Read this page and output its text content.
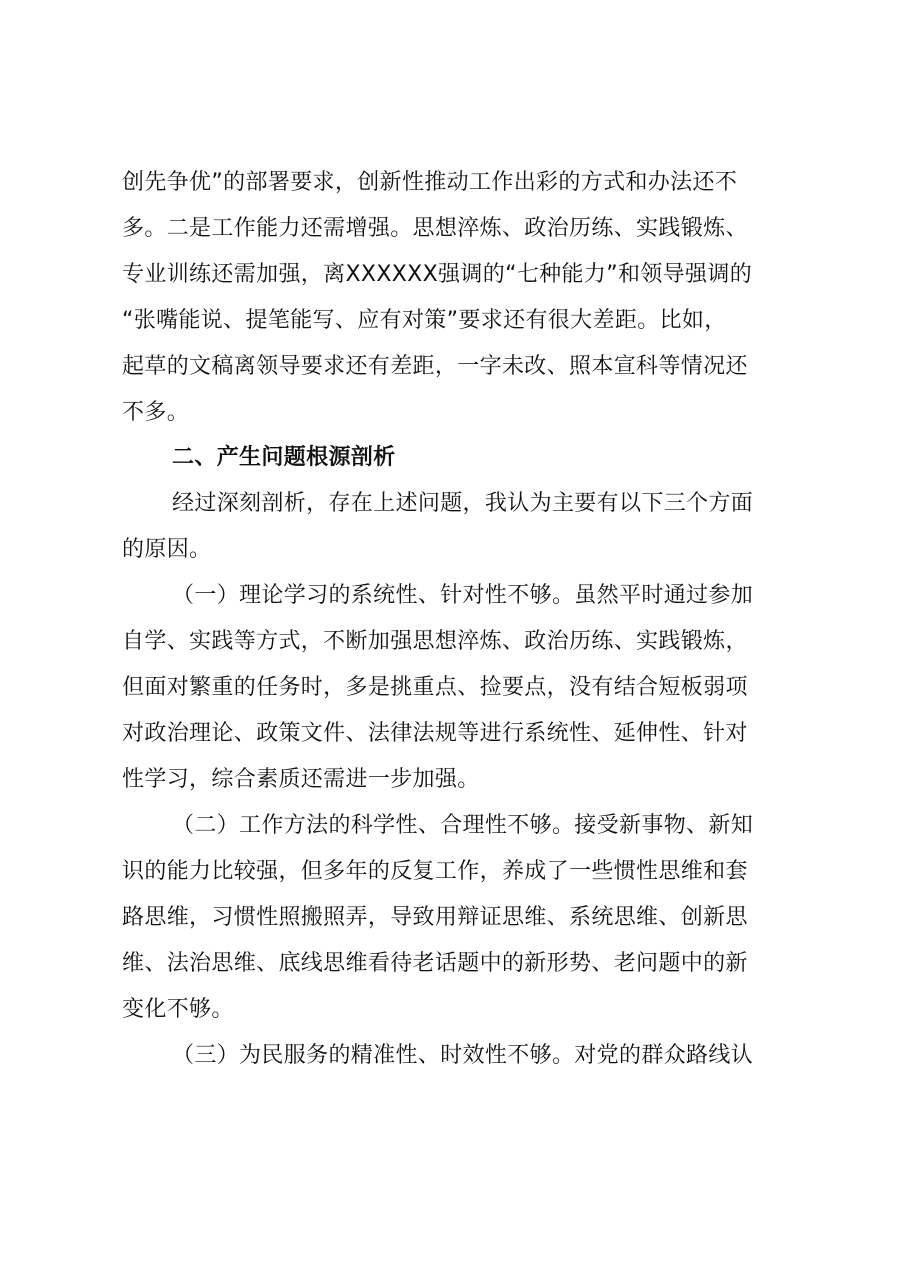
创先争优”的部署要求，创新性推动工作出彩的方式和办法还不
多。二是工作能力还需增强。思想淬炼、政治历练、实践锻炼、
专业训练还需加强，离XXXXXX强调的“七种能力”和领导强调的
“张嘴能说、提笔能写、应有对策”要求还有很大差距。比如，
起草的文稿离领导要求还有差距，一字未改、照本宣科等情况还
不多。
二、产生问题根源剖析
经过深刻剖析，存在上述问题，我认为主要有以下三个方面
的原因。
（一）理论学习的系统性、针对性不够。虽然平时通过参加
自学、实践等方式，不断加强思想淬炼、政治历练、实践锻炼，
但面对繁重的任务时，多是挑重点、捡要点，没有结合短板弱项
对政治理论、政策文件、法律法规等进行系统性、延伸性、针对
性学习，综合素质还需进一步加强。
（二）工作方法的科学性、合理性不够。接受新事物、新知
识的能力比较强，但多年的反复工作，养成了一些惯性思维和套
路思维，习惯性照搬照弄，导致用辩证思维、系统思维、创新思
维、法治思维、底线思维看待老话题中的新形势、老问题中的新
变化不够。
（三）为民服务的精准性、时效性不够。对党的群众路线认
